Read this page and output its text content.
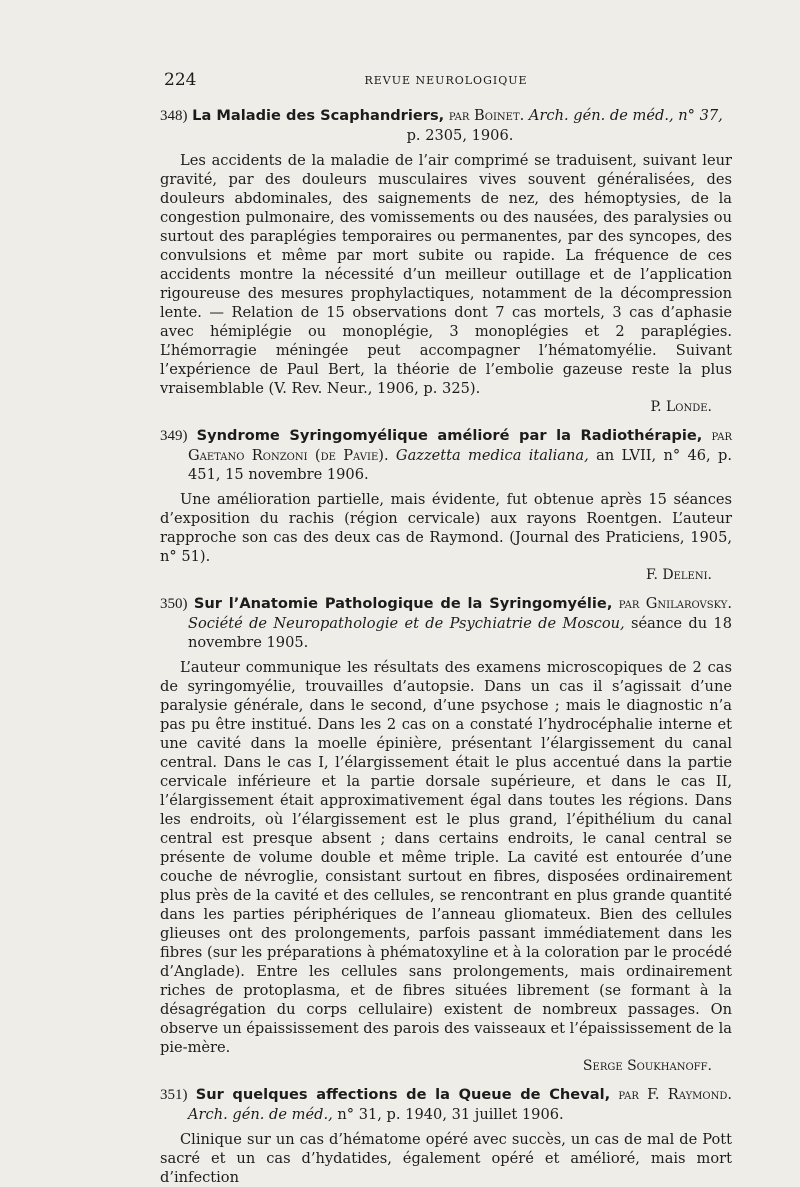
224	REVUE NEUROLOGIQUE
348) La Maladie des Scaphandriers, par Boinet. Arch. gén. de méd., n° 37,
p. 2305, 1906.

Les accidents de la maladie de l’air comprimé se traduisent, suivant leur gravité, par des douleurs musculaires vives souvent généralisées, des douleurs abdominales, des saignements de nez, des hémoptysies, de la congestion pulmonaire, des vomissements ou des nausées, des paralysies ou surtout des paraplégies temporaires ou permanentes, par des syncopes, des convulsions et même par mort subite ou rapide. La fréquence de ces accidents montre la nécessité d’un meilleur outillage et de l’application rigoureuse des mesures prophylactiques, notamment de la décompression lente. — Relation de 15 observations dont 7 cas mortels, 3 cas d’aphasie avec hémiplégie ou monoplégie, 3 monoplégies et 2 paraplégies. L’hémorragie méningée peut accompagner l’hématomyélie. Suivant l’expérience de Paul Bert, la théorie de l’embolie gazeuse reste la plus vraisemblable (V. Rev. Neur., 1906, p. 325).

P. Londe.
349) Syndrome Syringomyélique amélioré par la Radiothérapie, par Gaetano Ronzoni (de Pavie). Gazzetta medica italiana, an LVII, n° 46, p. 451, 15 novembre 1906.

Une amélioration partielle, mais évidente, fut obtenue après 15 séances d’exposition du rachis (région cervicale) aux rayons Roentgen. L’auteur rapproche son cas des deux cas de Raymond. (Journal des Praticiens, 1905, n° 51).

F. Deleni.
350) Sur l’Anatomie Pathologique de la Syringomyélie, par Gnilarovsky. Société de Neuropathologie et de Psychiatrie de Moscou, séance du 18 novembre 1905.

L’auteur communique les résultats des examens microscopiques de 2 cas de syringomyélie, trouvailles d’autopsie. Dans un cas il s’agissait d’une paralysie générale, dans le second, d’une psychose ; mais le diagnostic n’a pas pu être institué. Dans les 2 cas on a constaté l’hydrocéphalie interne et une cavité dans la moelle épinière, présentant l’élargissement du canal central. Dans le cas I, l’élargissement était le plus accentué dans la partie cervicale inférieure et la partie dorsale supérieure, et dans le cas II, l’élargissement était approximativement égal dans toutes les régions. Dans les endroits, où l’élargissement est le plus grand, l’épithélium du canal central est presque absent ; dans certains endroits, le canal central se présente de volume double et même triple. La cavité est entourée d’une couche de névroglie, consistant surtout en fibres, disposées ordinairement plus près de la cavité et des cellules, se rencontrant en plus grande quantité dans les parties périphériques de l’anneau gliomateux. Bien des cellules glieuses ont des prolongements, parfois passant immédiatement dans les fibres (sur les préparations à phématoxyline et à la coloration par le procédé d’Anglade). Entre les cellules sans prolongements, mais ordinairement riches de protoplasma, et de fibres situées librement (se formant à la désagrégation du corps cellulaire) existent de nombreux passages. On observe un épaississement des parois des vaisseaux et l’épaississement de la pie-mère.

Serge Soukhanoff.
351) Sur quelques affections de la Queue de Cheval, par F. Raymond. Arch. gén. de méd., n° 31, p. 1940, 31 juillet 1906.

Clinique sur un cas d’hématome opéré avec succès, un cas de mal de Pott sacré et un cas d’hydatides, également opéré et amélioré, mais mort d’infection
